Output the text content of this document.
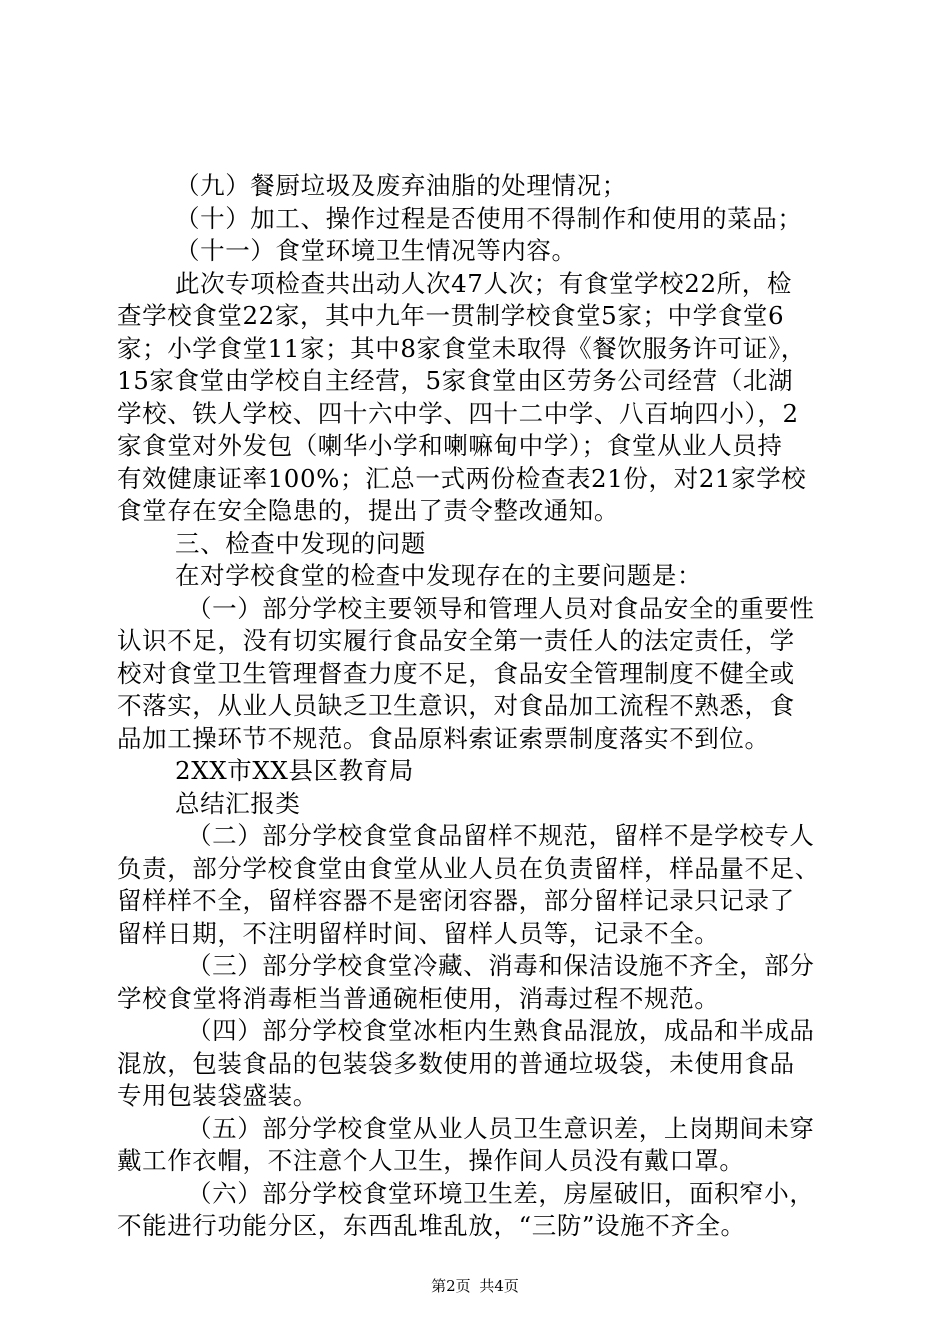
（九）餐厨垃圾及废弃油脂的处理情况；
（十）加工、操作过程是否使用不得制作和使用的菜品；
（十一）食堂环境卫生情况等内容。
此次专项检查共出动人次47人次；有食堂学校22所，检
查学校食堂22家，其中九年一贯制学校食堂5家；中学食堂6
家；小学食堂11家；其中8家食堂未取得《餐饮服务许可证》，
15家食堂由学校自主经营，5家食堂由区劳务公司经营（北湖
学校、铁人学校、四十六中学、四十二中学、八百垧四小），2
家食堂对外发包（喇华小学和喇嘛甸中学）；食堂从业人员持
有效健康证率100%；汇总一式两份检查表21份，对21家学校
食堂存在安全隐患的，提出了责令整改通知。
三、检查中发现的问题
在对学校食堂的检查中发现存在的主要问题是：
（一）部分学校主要领导和管理人员对食品安全的重要性
认识不足，没有切实履行食品安全第一责任人的法定责任，学
校对食堂卫生管理督查力度不足，食品安全管理制度不健全或
不落实，从业人员缺乏卫生意识，对食品加工流程不熟悉，食
品加工操环节不规范。食品原料索证索票制度落实不到位。
2XX市XX县区教育局
总结汇报类
（二）部分学校食堂食品留样不规范，留样不是学校专人
负责，部分学校食堂由食堂从业人员在负责留样，样品量不足、
留样样不全，留样容器不是密闭容器，部分留样记录只记录了
留样日期，不注明留样时间、留样人员等，记录不全。
（三）部分学校食堂冷藏、消毒和保洁设施不齐全，部分
学校食堂将消毒柜当普通碗柜使用，消毒过程不规范。
（四）部分学校食堂冰柜内生熟食品混放，成品和半成品
混放，包装食品的包装袋多数使用的普通垃圾袋，未使用食品
专用包装袋盛装。
（五）部分学校食堂从业人员卫生意识差，上岗期间未穿
戴工作衣帽，不注意个人卫生，操作间人员没有戴口罩。
（六）部分学校食堂环境卫生差，房屋破旧，面积窄小，
不能进行功能分区，东西乱堆乱放，“三防”设施不齐全。
第2页 共4页
